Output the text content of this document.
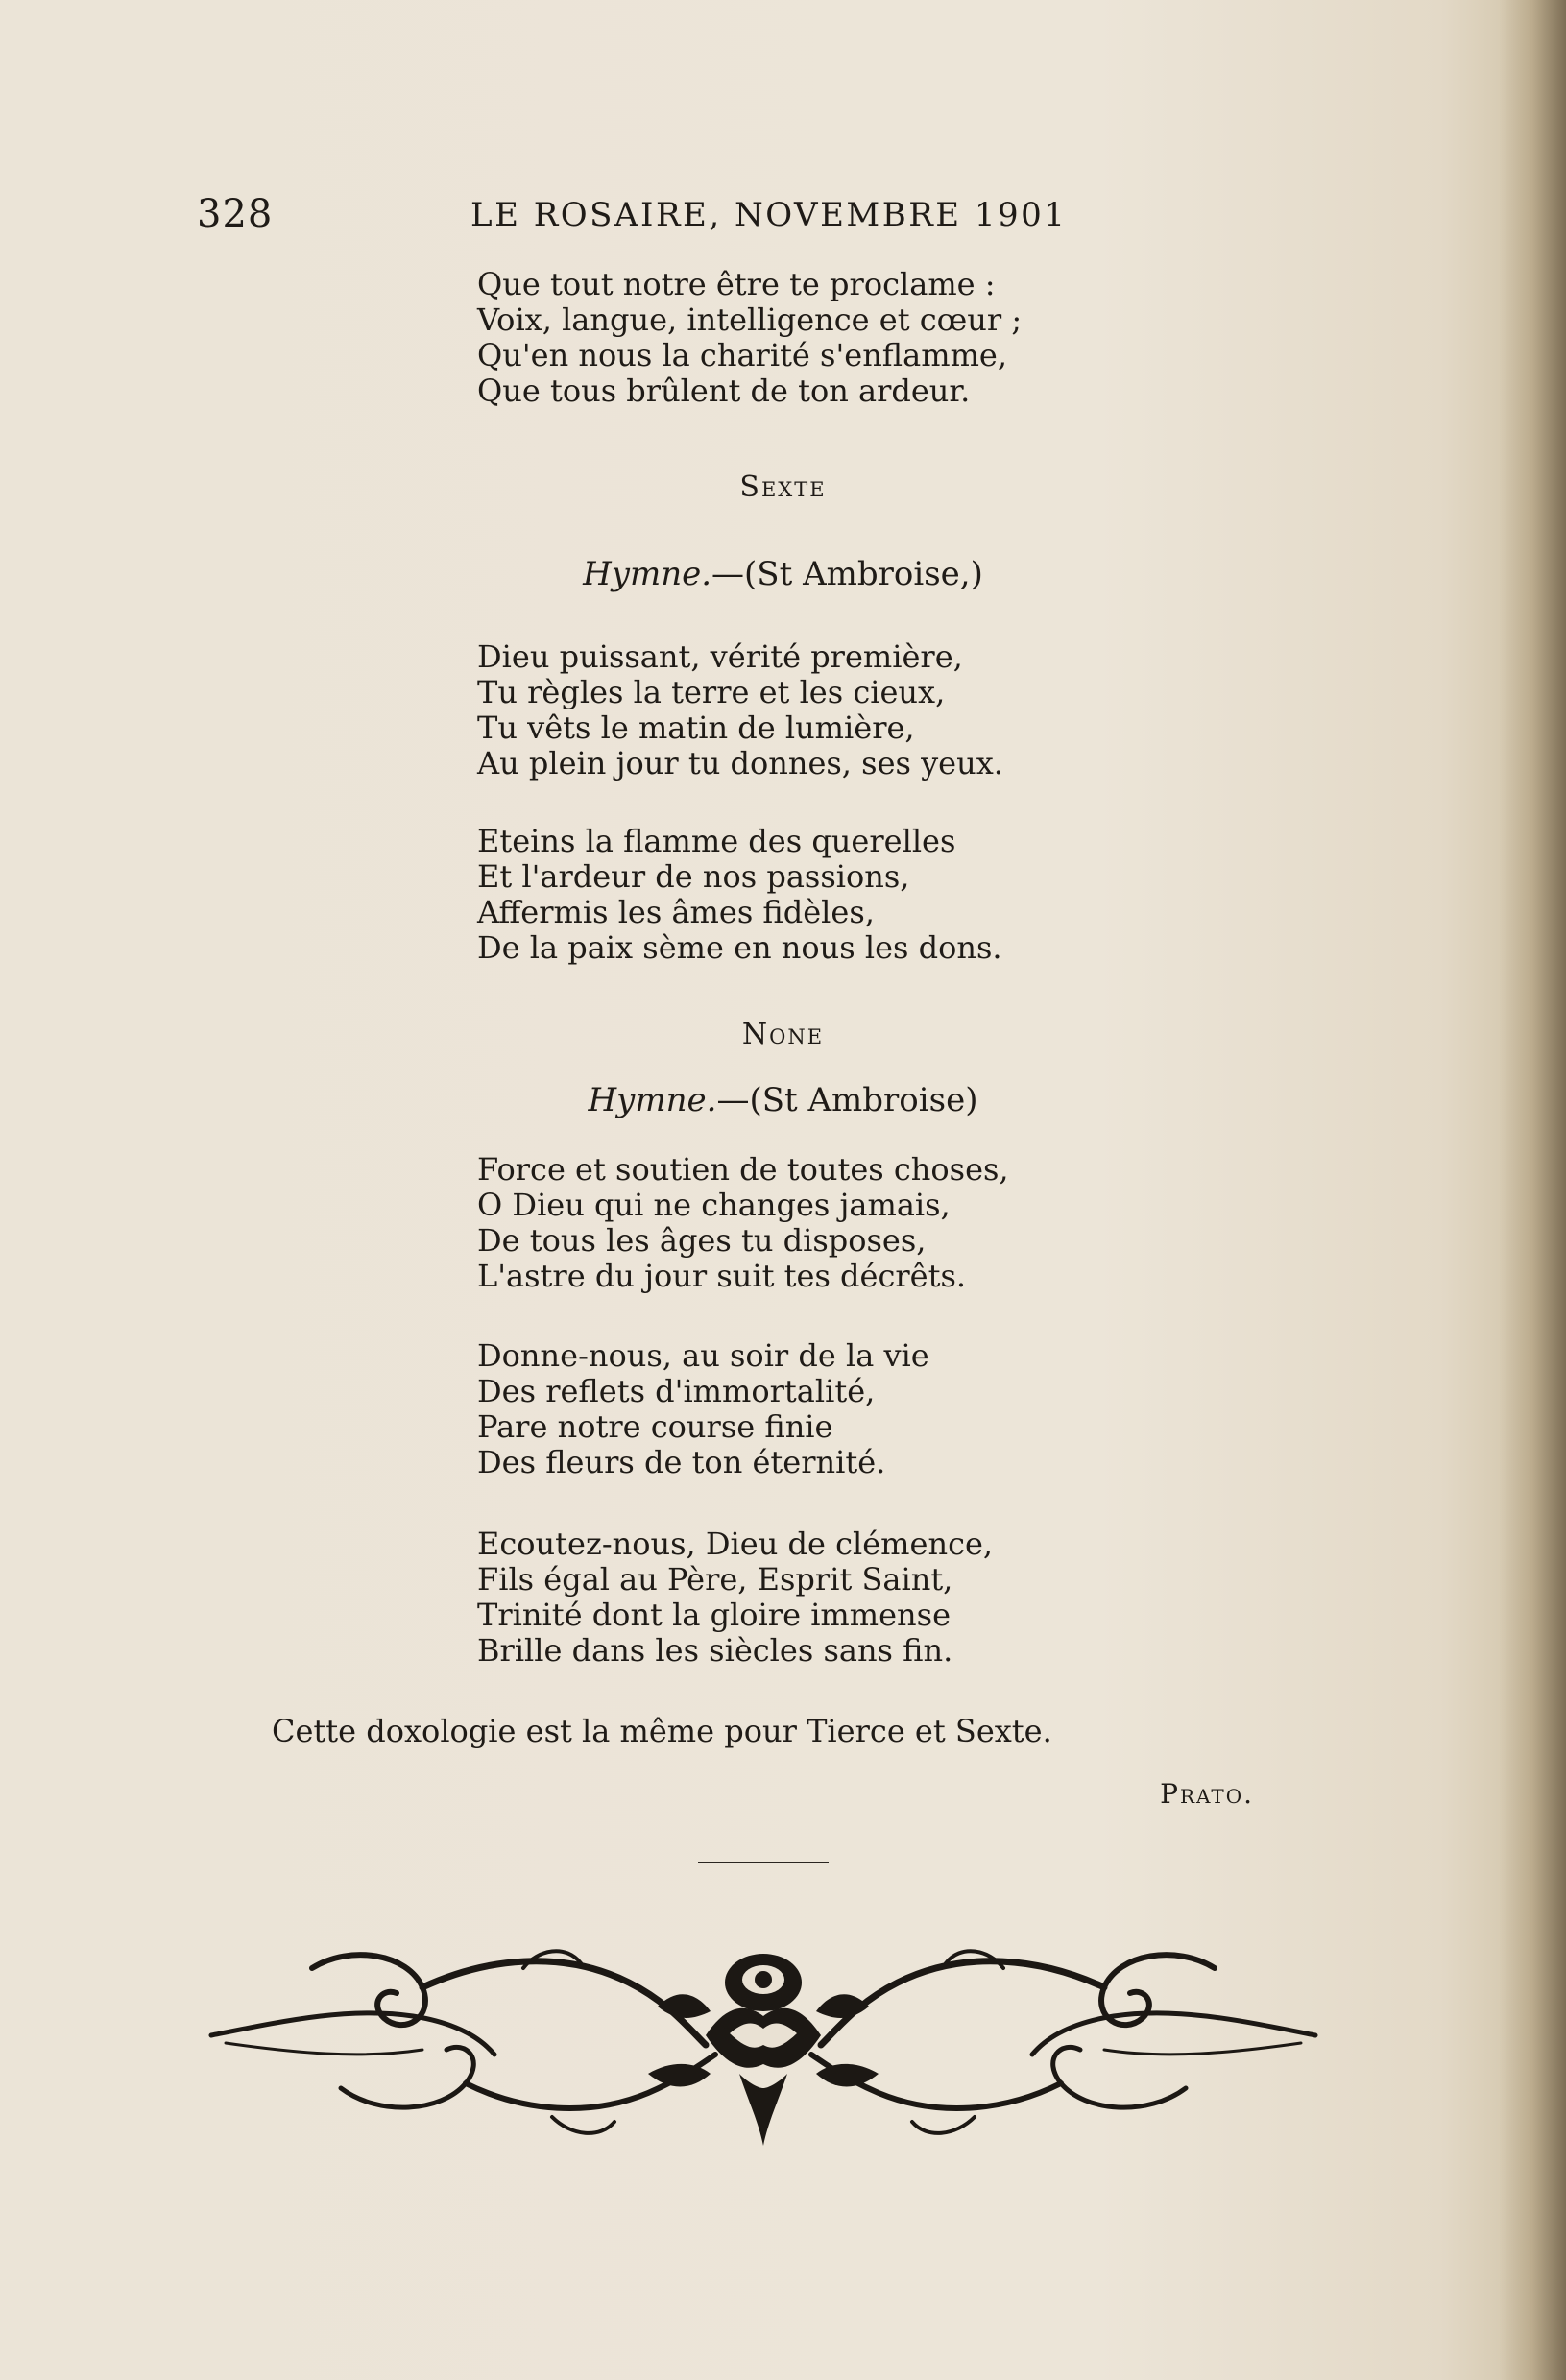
328	LE ROSAIRE, NOVEMBRE 1901
Que tout notre être te proclame :
Voix, langue, intelligence et cœur ;
Qu'en nous la charité s'enflamme,
Que tous brûlent de ton ardeur.
Sexte
Hymne.—(St Ambroise,)
Dieu puissant, vérité première,
Tu règles la terre et les cieux,
Tu vêts le matin de lumière,
Au plein jour tu donnes, ses yeux.
Eteins la flamme des querelles
Et l'ardeur de nos passions,
Affermis les âmes fidèles,
De la paix sème en nous les dons.
None
Hymne.—(St Ambroise)
Force et soutien de toutes choses,
O Dieu qui ne changes jamais,
De tous les âges tu disposes,
L'astre du jour suit tes décrêts.
Donne-nous, au soir de la vie
Des reflets d'immortalité,
Pare notre course finie
Des fleurs de ton éternité.
Ecoutez-nous, Dieu de clémence,
Fils égal au Père, Esprit Saint,
Trinité dont la gloire immense
Brille dans les siècles sans fin.
Cette doxologie est la même pour Tierce et Sexte.
Prato.
